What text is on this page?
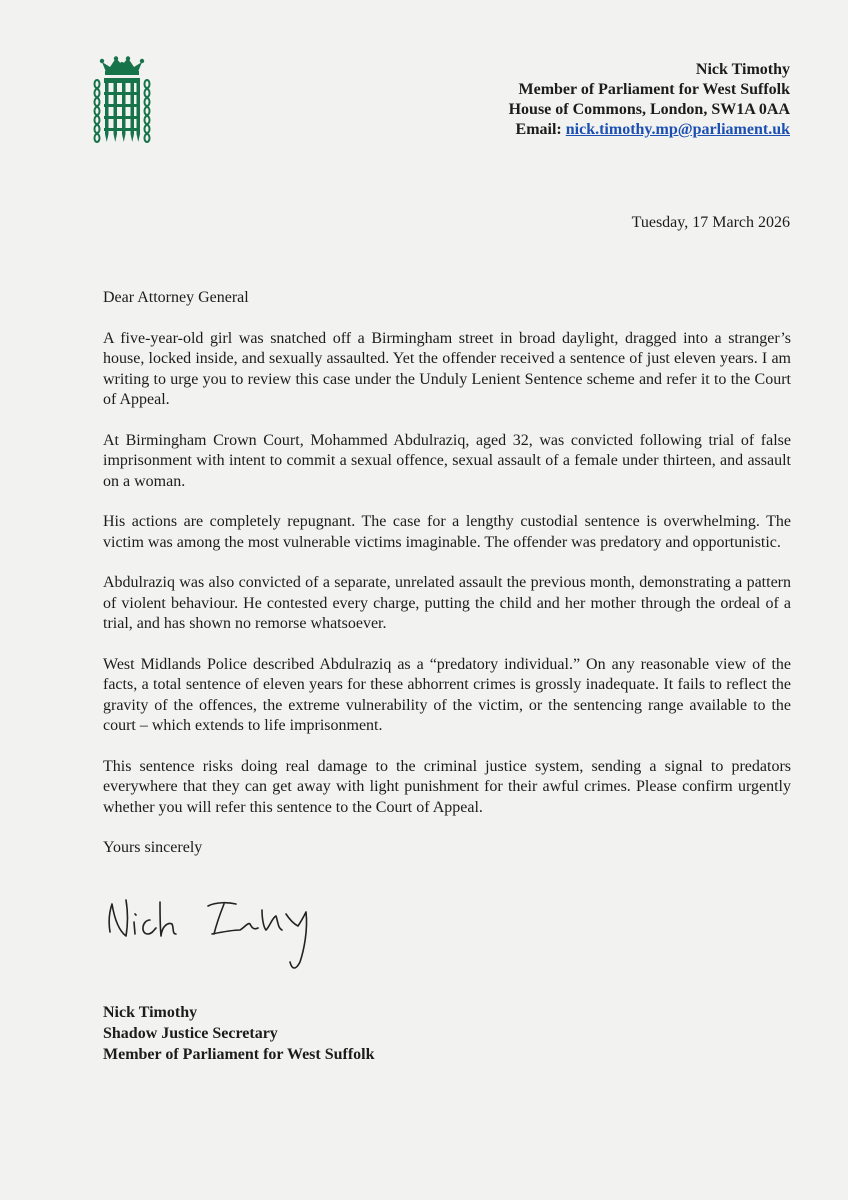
Nick Timothy
Member of Parliament for West Suffolk
House of Commons, London, SW1A 0AA
Email: nick.timothy.mp@parliament.uk
Tuesday, 17 March 2026

Dear Attorney General

A five-year-old girl was snatched off a Birmingham street in broad daylight, dragged into a stranger’s house, locked inside, and sexually assaulted. Yet the offender received a sentence of just eleven years. I am writing to urge you to review this case under the Unduly Lenient Sentence scheme and refer it to the Court of Appeal.

At Birmingham Crown Court, Mohammed Abdulraziq, aged 32, was convicted following trial of false imprisonment with intent to commit a sexual offence, sexual assault of a female under thirteen, and assault on a woman.

His actions are completely repugnant. The case for a lengthy custodial sentence is overwhelming. The victim was among the most vulnerable victims imaginable. The offender was predatory and opportunistic.

Abdulraziq was also convicted of a separate, unrelated assault the previous month, demonstrating a pattern of violent behaviour. He contested every charge, putting the child and her mother through the ordeal of a trial, and has shown no remorse whatsoever.

West Midlands Police described Abdulraziq as a “predatory individual.” On any reasonable view of the facts, a total sentence of eleven years for these abhorrent crimes is grossly inadequate. It fails to reflect the gravity of the offences, the extreme vulnerability of the victim, or the sentencing range available to the court – which extends to life imprisonment.

This sentence risks doing real damage to the criminal justice system, sending a signal to predators everywhere that they can get away with light punishment for their awful crimes. Please confirm urgently whether you will refer this sentence to the Court of Appeal.

Yours sincerely

Nick Timothy
Shadow Justice Secretary
Member of Parliament for West Suffolk
